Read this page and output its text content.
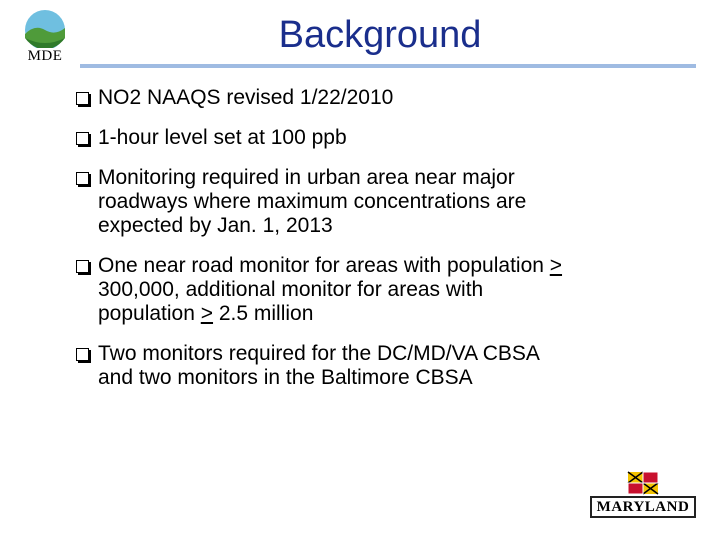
MDE	Background
NO2 NAAQS revised 1/22/2010
1-hour level set at 100 ppb
Monitoring required in urban area near major
roadways where maximum concentrations are
expected by Jan. 1, 2013
One near road monitor for areas with population >
300,000, additional monitor for areas with
population > 2.5 million
Two monitors required for the DC/MD/VA CBSA
and two monitors in the Baltimore CBSA
MARYLAND
